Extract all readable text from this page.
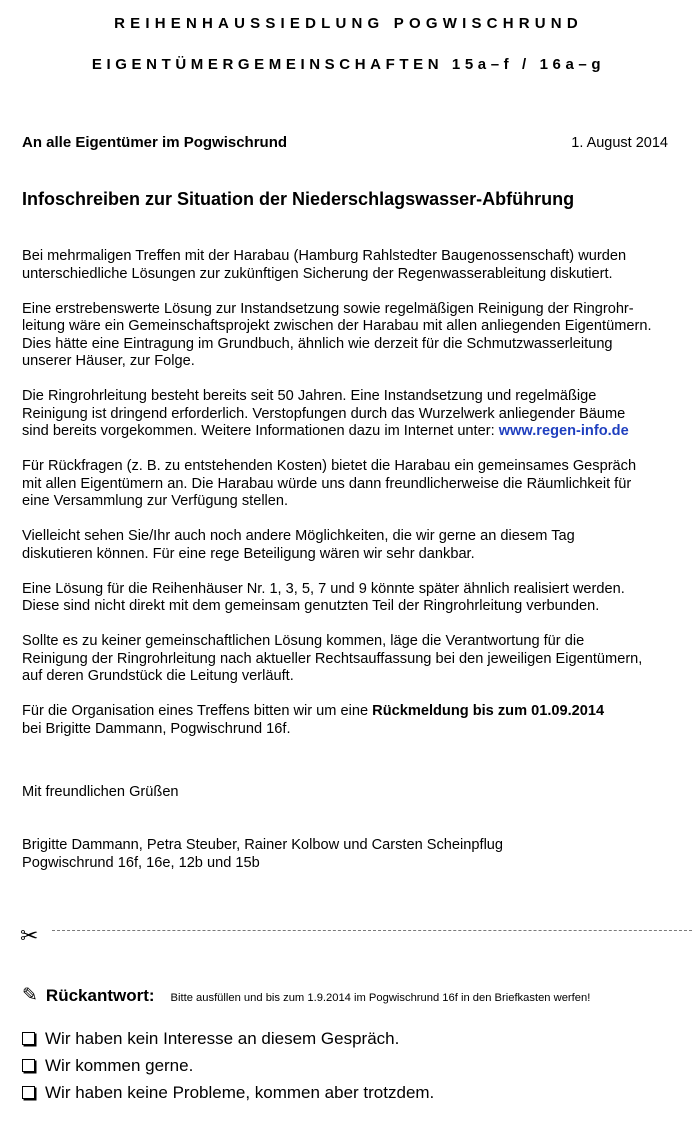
REIHENHAUSSIEDLUNG POGWISCHRUND
EIGENTÜMERGEMEINSCHAFTEN 15a–f / 16a–g
An alle Eigentümer im Pogwischrund	1. August 2014
Infoschreiben zur Situation der Niederschlagswasser-Abführung

Bei mehrmaligen Treffen mit der Harabau (Hamburg Rahlstedter Baugenossenschaft) wurden
unterschiedliche Lösungen zur zukünftigen Sicherung der Regenwasserableitung diskutiert.

Eine erstrebenswerte Lösung zur Instandsetzung sowie regelmäßigen Reinigung der Ringrohr-
leitung wäre ein Gemeinschaftsprojekt zwischen der Harabau mit allen anliegenden Eigentümern.
Dies hätte eine Eintragung im Grundbuch, ähnlich wie derzeit für die Schmutzwasserleitung
unserer Häuser, zur Folge.

Die Ringrohrleitung besteht bereits seit 50 Jahren. Eine Instandsetzung und regelmäßige
Reinigung ist dringend erforderlich. Verstopfungen durch das Wurzelwerk anliegender Bäume
sind bereits vorgekommen. Weitere Informationen dazu im Internet unter: www.regen-info.de

Für Rückfragen (z. B. zu entstehenden Kosten) bietet die Harabau ein gemeinsames Gespräch
mit allen Eigentümern an. Die Harabau würde uns dann freundlicherweise die Räumlichkeit für
eine Versammlung zur Verfügung stellen.

Vielleicht sehen Sie/Ihr auch noch andere Möglichkeiten, die wir gerne an diesem Tag
diskutieren können. Für eine rege Beteiligung wären wir sehr dankbar.

Eine Lösung für die Reihenhäuser Nr. 1, 3, 5, 7 und 9 könnte später ähnlich realisiert werden.
Diese sind nicht direkt mit dem gemeinsam genutzten Teil der Ringrohrleitung verbunden.

Sollte es zu keiner gemeinschaftlichen Lösung kommen, läge die Verantwortung für die
Reinigung der Ringrohrleitung nach aktueller Rechtsauffassung bei den jeweiligen Eigentümern,
auf deren Grundstück die Leitung verläuft.

Für die Organisation eines Treffens bitten wir um eine Rückmeldung bis zum 01.09.2014
bei Brigitte Dammann, Pogwischrund 16f.

Mit freundlichen Grüßen
Brigitte Dammann, Petra Steuber, Rainer Kolbow und Carsten Scheinpflug
Pogwischrund 16f, 16e, 12b und 15b
✂
✎ Rückantwort: Bitte ausfüllen und bis zum 1.9.2014 im Pogwischrund 16f in den Briefkasten werfen!
Wir haben kein Interesse an diesem Gespräch.
Wir kommen gerne.
Wir haben keine Probleme, kommen aber trotzdem.
